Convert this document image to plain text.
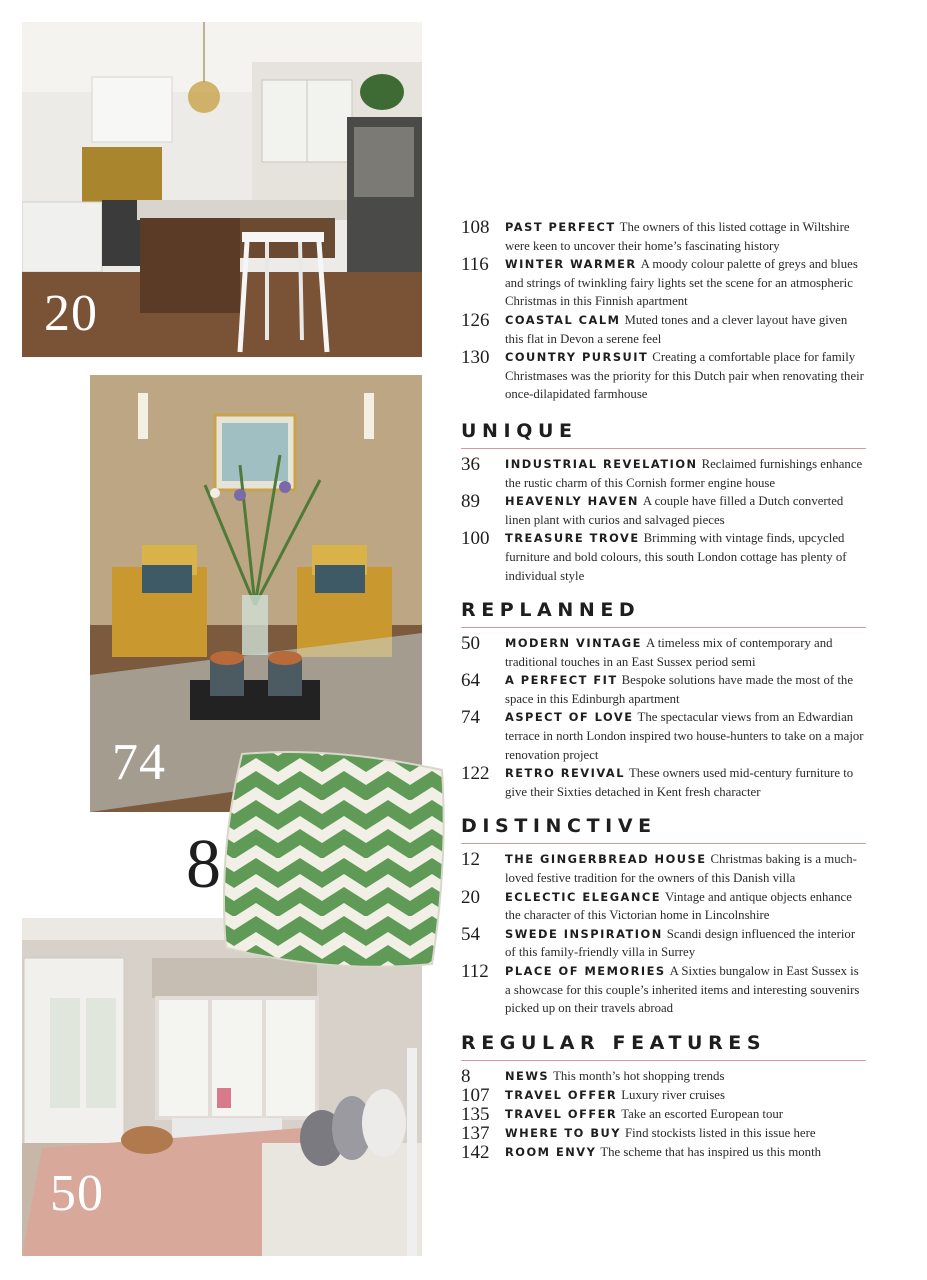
20
74
50
8
108	PAST PERFECT The owners of this listed cottage in Wiltshire were keen to uncover their home’s fascinating history
116	WINTER WARMER A moody colour palette of greys and blues and strings of twinkling fairy lights set the scene for an atmospheric Christmas in this Finnish apartment
126	COASTAL CALM Muted tones and a clever layout have given this flat in Devon a serene feel
130	COUNTRY PURSUIT Creating a comfortable place for family Christmases was the priority for this Dutch pair when renovating their once-dilapidated farmhouse
UNIQUE
36	INDUSTRIAL REVELATION Reclaimed furnishings enhance the rustic charm of this Cornish former engine house
89	HEAVENLY HAVEN A couple have filled a Dutch converted linen plant with curios and salvaged pieces
100	TREASURE TROVE Brimming with vintage finds, upcycled furniture and bold colours, this south London cottage has plenty of individual style
REPLANNED
50	MODERN VINTAGE A timeless mix of contemporary and traditional touches in an East Sussex period semi
64	A PERFECT FIT Bespoke solutions have made the most of the space in this Edinburgh apartment
74	ASPECT OF LOVE The spectacular views from an Edwardian terrace in north London inspired two house-hunters to take on a major renovation project
122	RETRO REVIVAL These owners used mid-century furniture to give their Sixties detached in Kent fresh character
DISTINCTIVE
12	THE GINGERBREAD HOUSE Christmas baking is a much-loved festive tradition for the owners of this Danish villa
20	ECLECTIC ELEGANCE Vintage and antique objects enhance the character of this Victorian home in Lincolnshire
54	SWEDE INSPIRATION Scandi design influenced the interior of this family-friendly villa in Surrey
112	PLACE OF MEMORIES A Sixties bungalow in East Sussex is a showcase for this couple’s inherited items and interesting souvenirs picked up on their travels abroad
REGULAR FEATURES
8	NEWS This month’s hot shopping trends
107	TRAVEL OFFER Luxury river cruises
135	TRAVEL OFFER Take an escorted European tour
137	WHERE TO BUY Find stockists listed in this issue here
142	ROOM ENVY The scheme that has inspired us this month
